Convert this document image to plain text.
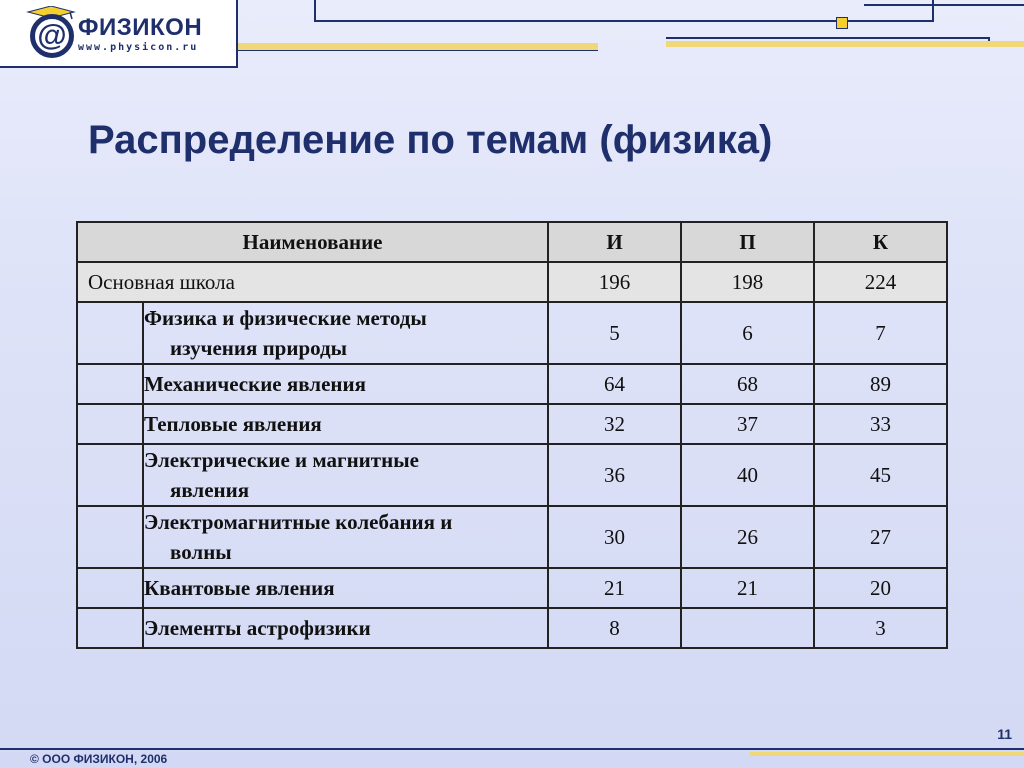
@ ФИЗИКОН
www.physicon.ru
Распределение по темам (физика)
Наименование		И	П	К
Основная школа		196	198	224
	Физика и физические методы
изучения природы	5	6	7
	Механические явления	64	68	89
	Тепловые явления	32	37	33
	Электрические и магнитные
явления	36	40	45
	Электромагнитные колебания и
волны	30	26	27
	Квантовые явления	21	21	20
	Элементы астрофизики	8		3
11
© ООО ФИЗИКОН, 2006
